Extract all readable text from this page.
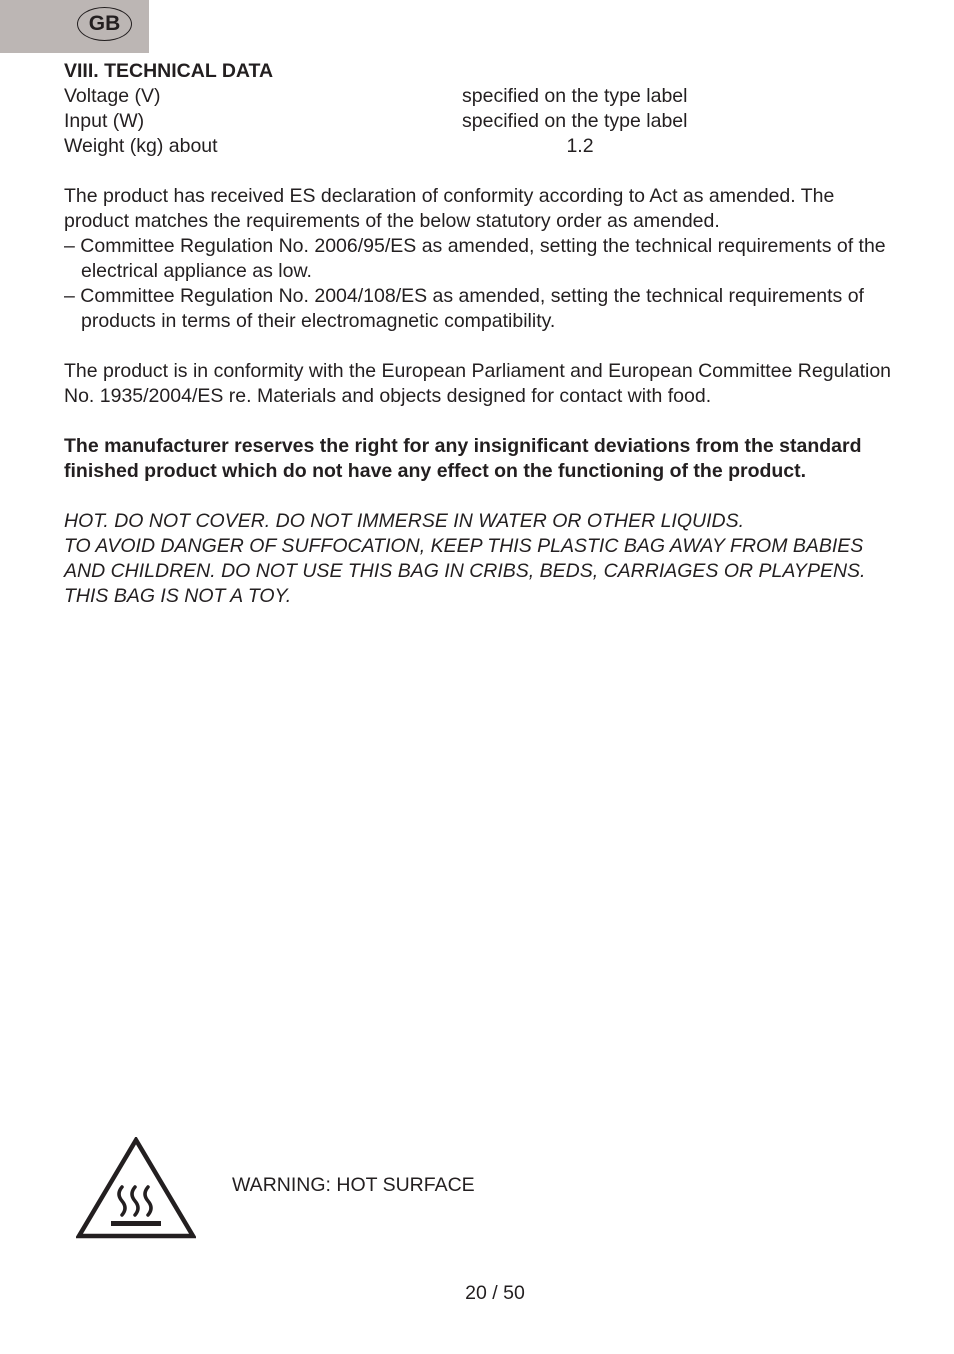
GB
VIII. TECHNICAL DATA
Voltage (V)	specified on the type label
Input (W)	specified on the type label
Weight (kg) about	1.2

The product has received ES declaration of conformity according to Act as amended. The product matches the requirements of the below statutory order as amended.

– Committee Regulation No. 2006/95/ES as amended, setting the technical requirements of the electrical appliance as low.
– Committee Regulation No. 2004/108/ES as amended, setting the technical requirements of products in terms of their electromagnetic compatibility.

The product is in conformity with the European Parliament and European Committee Regulation No. 1935/2004/ES re. Materials and objects designed for contact with food.

The manufacturer reserves the right for any insignificant deviations from the standard finished product which do not have any effect on the functioning of the product.

HOT. DO NOT COVER. DO NOT IMMERSE IN WATER OR OTHER LIQUIDS.

TO AVOID DANGER OF SUFFOCATION, KEEP THIS PLASTIC BAG AWAY FROM BABIES AND CHILDREN. DO NOT USE THIS BAG IN CRIBS, BEDS, CARRIAGES OR PLAYPENS. THIS BAG IS NOT A TOY.

WARNING: HOT SURFACE
20 / 50
